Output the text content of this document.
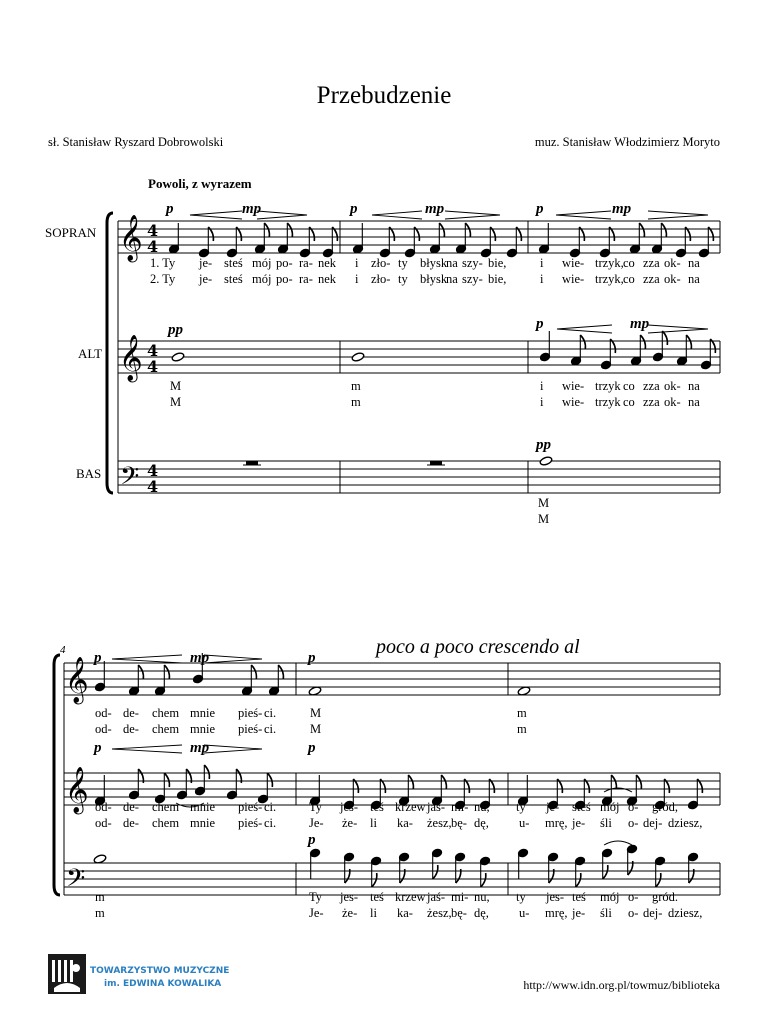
Przebudzenie
sł. Stanisław Ryszard Dobrowolski	muz. Stanisław Włodzimierz Moryto
Powoli, z wyrazem
SOPRAN
ALT
BAS
4	poco a poco crescendo al
𝄞
𝄞
𝄢
4
4
4
4
4
4
𝄞
𝄞
𝄢
1. Ty je- steś mój po- ra- nek i zło- ty błysk
na szy- bie,	i wie- trzyk, co zza ok- na
2. Ty je- steś mój po- ra- nek i zło- ty błysk
na szy- bie,	i wie- trzyk, co zza ok- na
M	m	i wie- trzyk co zza ok- na
M	m	i wie- trzyk co zza ok- na
M
M
od- de- chem mnie pieś- ci.	M	m
od- de- chem mnie pieś- ci.	M	m
od- de- chem mnie pieś- ci.	Ty jes- teś krzew jaś- mi- nu, ty je- steś mój o- gród,
od- de- chem mnie pieś- ci.	Je- że- li ka- żesz, bę- dę, u- mrę, je- śli o- dej- dziesz,
m	Ty jes- teś krzew jaś- mi- nu, ty jes- teś mój o- gród.
m	Je- że- li ka- żesz, bę- dę, u- mrę, je- śli o- dej- dziesz,
p	mp	p	mp	p	mp
pp	p	mp
pp
p	mp	p
p	mp	p
p
TOWARZYSTWO MUZYCZNE
im. EDWINA KOWALIKA	http://www.idn.org.pl/towmuz/biblioteka
